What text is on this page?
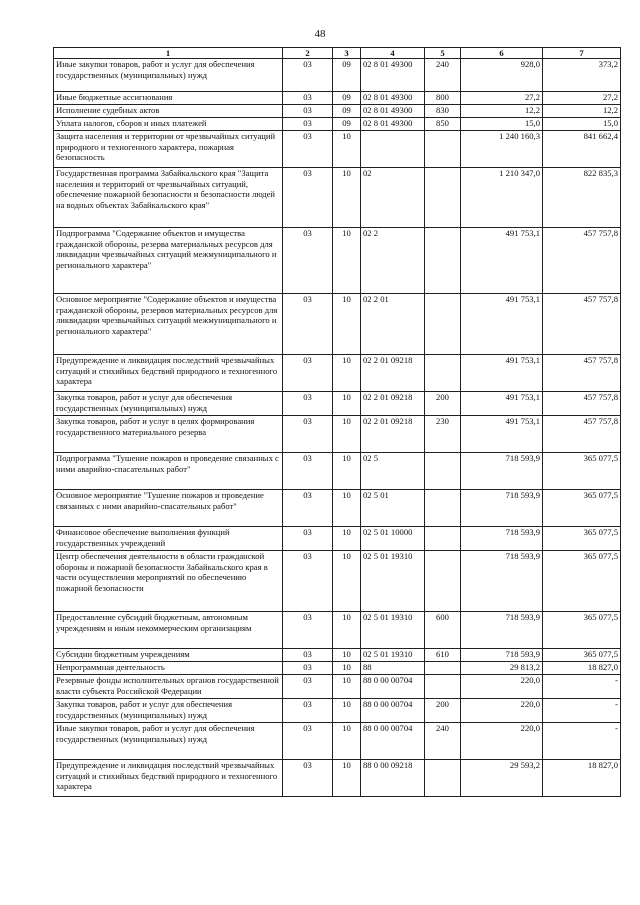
48
1	2	3	4	5	6	7
Иные закупки товаров, работ и услуг для обеспечения государственных (муниципальных) нужд	03	09	02 8 01 49300	240	928,0	373,2
Иные бюджетные ассигнования	03	09	02 8 01 49300	800	27,2	27,2
Исполнение судебных актов	03	09	02 8 01 49300	830	12,2	12,2
Уплата налогов, сборов и иных платежей	03	09	02 8 01 49300	850	15,0	15,0
Защита населения и территории от чрезвычайных ситуаций природного и техногенного характера, пожарная безопасность	03	10			1 240 160,3	841 662,4
Государственная программа Забайкальского края "Защита населения и территорий от чрезвычайных ситуаций, обеспечение пожарной безопасности и безопасности людей на водных объектах Забайкальского края"	03	10	02		1 210 347,0	822 835,3
Подпрограмма "Содержание объектов и имущества гражданской обороны, резерва материальных ресурсов для ликвидации чрезвычайных ситуаций межмуниципального и регионального характера"	03	10	02 2		491 753,1	457 757,8
Основное мероприятие "Содержание объектов и имущества гражданской обороны, резервов материальных ресурсов для ликвидации чрезвычайных ситуаций межмуниципального и регионального характера"	03	10	02 2 01		491 753,1	457 757,8
Предупреждение и ликвидация последствий чрезвычайных ситуаций и стихийных бедствий природного и техногенного характера	03	10	02 2 01 09218		491 753,1	457 757,8
Закупка товаров, работ и услуг для обеспечения государственных (муниципальных) нужд	03	10	02 2 01 09218	200	491 753,1	457 757,8
Закупка товаров, работ и услуг в целях формирования государственного материального резерва	03	10	02 2 01 09218	230	491 753,1	457 757,8
Подпрограмма "Тушение пожаров и проведение связанных с ними аварийно-спасательных работ"	03	10	02 5		718 593,9	365 077,5
Основное мероприятие "Тушение пожаров и проведение связанных с ними аварийно-спасательных работ"	03	10	02 5 01		718 593,9	365 077,5
Финансовое обеспечение выполнения функций государственных учреждений	03	10	02 5 01 10000		718 593,9	365 077,5
Центр обеспечения деятельности в области гражданской обороны и пожарной безопасности Забайкальского края в части осуществления мероприятий по обеспечению пожарной безопасности	03	10	02 5 01 19310		718 593,9	365 077,5
Предоставление субсидий бюджетным, автономным учреждениям и иным некоммерческим организациям	03	10	02 5 01 19310	600	718 593,9	365 077,5
Субсидии бюджетным учреждениям	03	10	02 5 01 19310	610	718 593,9	365 077,5
Непрограммная деятельность	03	10	88		29 813,2	18 827,0
Резервные фонды исполнительных органов государственной власти субъекта Российской Федерации	03	10	88 0 00 00704		220,0	-
Закупка товаров, работ и услуг для обеспечения государственных (муниципальных) нужд	03	10	88 0 00 00704	200	220,0	-
Иные закупки товаров, работ и услуг для обеспечения государственных (муниципальных) нужд	03	10	88 0 00 00704	240	220,0	-
Предупреждение и ликвидация последствий чрезвычайных ситуаций и стихийных бедствий природного и техногенного характера	03	10	88 0 00 09218		29 593,2	18 827,0
